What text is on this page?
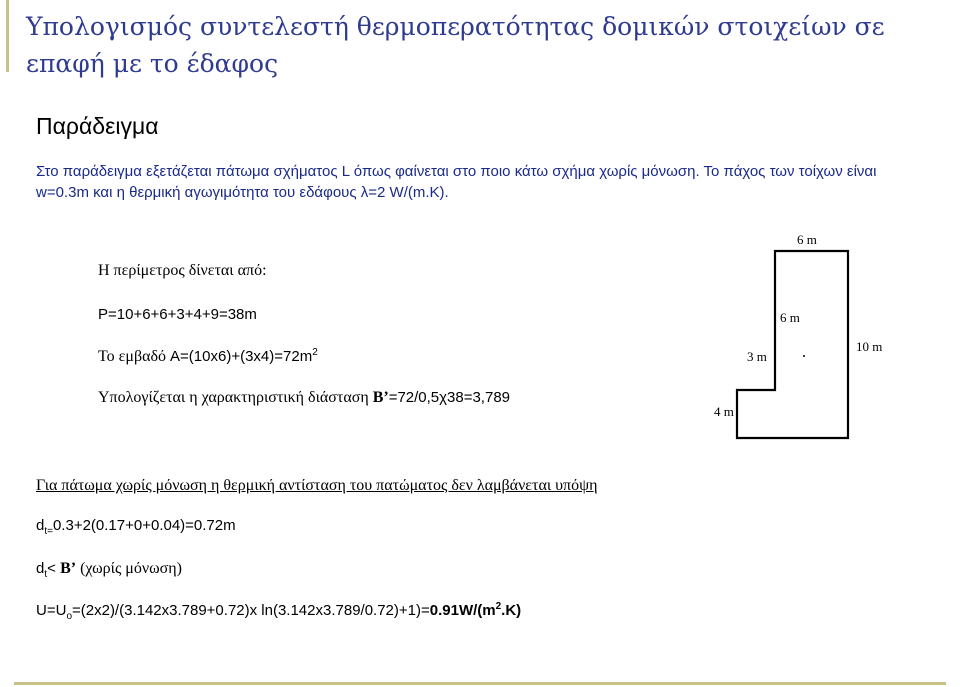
Υπολογισμός συντελεστή θερμοπερατότητας δομικών στοιχείων σε επαφή με το έδαφος
Παράδειγμα
Στο παράδειγμα εξετάζεται πάτωμα σχήματος L όπως φαίνεται στο ποιο κάτω σχήμα χωρίς μόνωση. Το πάχος των τοίχων είναι w=0.3m και η θερμική αγωγιμότητα του εδάφους λ=2 W/(m.K).
Η περίμετρος δίνεται από:
P=10+6+6+3+4+9=38m
Το εμβαδό $A=(10x6)+(3x4)=72m^2$
Υπολογίζεται η χαρακτηριστική διάσταση B’=72/0,5χ38=3,789
Για πάτωμα χωρίς μόνωση η θερμική αντίσταση του πατώματος δεν λαμβάνεται υπόψη
$d_{t=}0.3+2(0.17+0+0.04)=0.72m$
$d_t< B$’ (χωρίς μόνωση)
$U=U_o=(2x2)/(3.142x3.789+0.72)x$ $\ln(3.142x3.789/0.72)+1)=0.91W/(m^2.K)$
6 m
6 m
10 m
3 m
4 m
